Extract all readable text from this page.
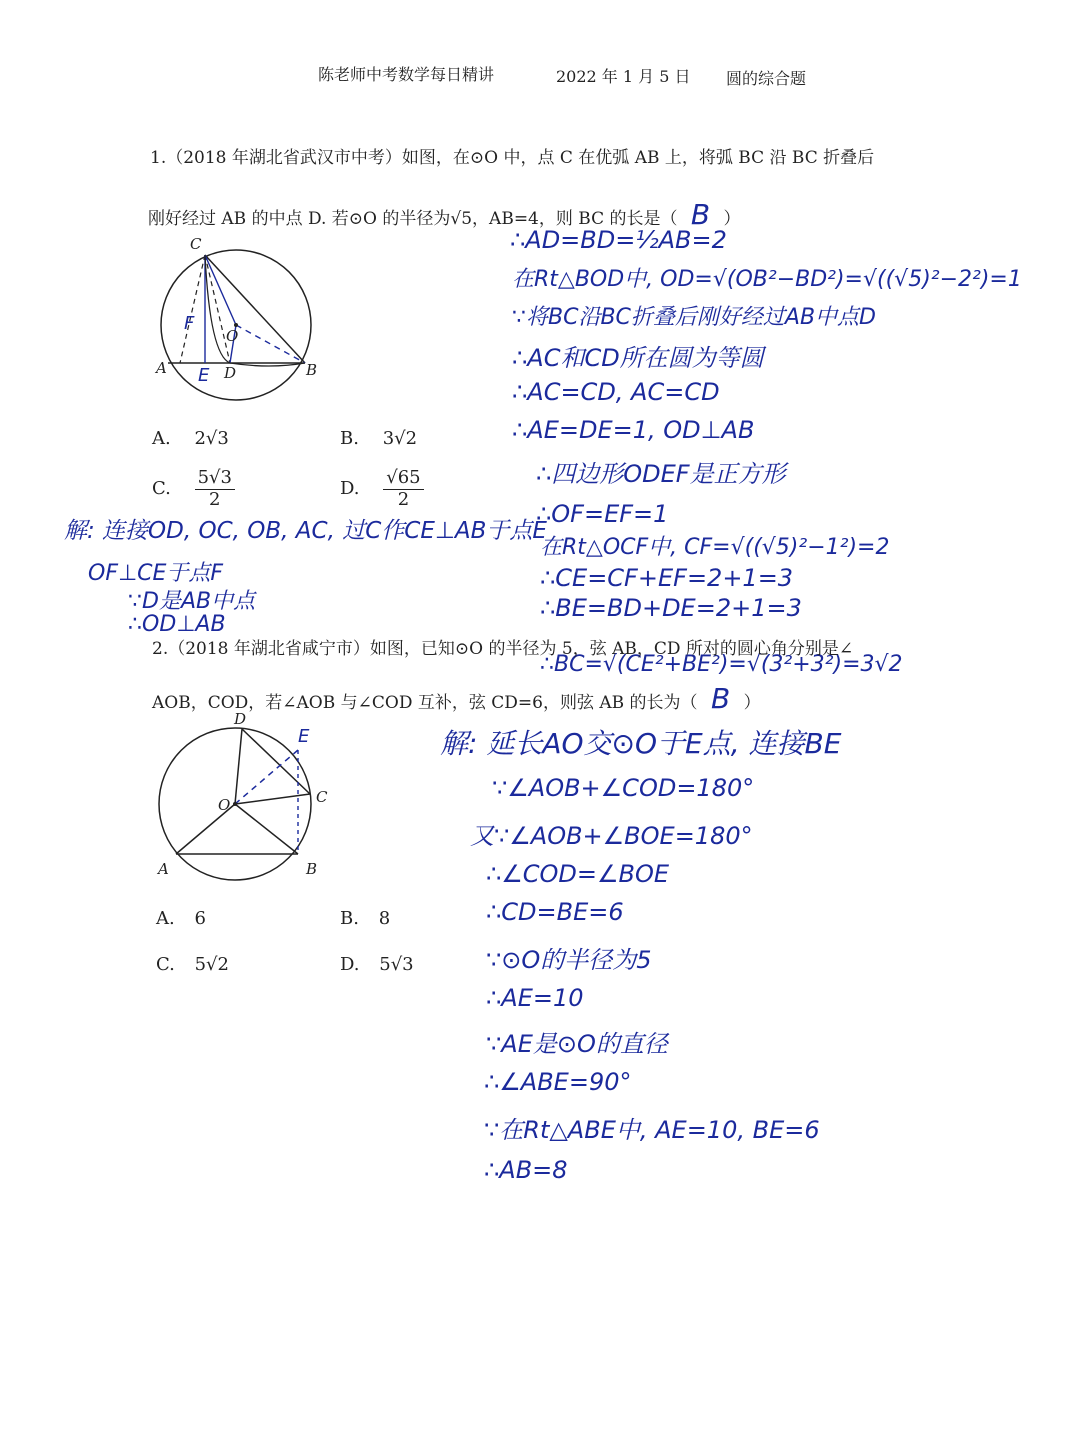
陈老师中考数学每日精讲	2022 年 1 月 5 日 圆的综合题
1.（2018 年湖北省武汉市中考）如图，在⊙O 中，点 C 在优弧 AB 上，将弧 BC 沿 BC 折叠后
刚好经过 AB 的中点 D. 若⊙O 的半径为√5，AB=4，则 BC 的长是（ B ）
C
O
A E D	B
F
A. 2√3	B. 3√2
C. $\frac{5√3}{2}$	D. $\frac{√65}{2}$
解: 连接OD, OC, OB, AC, 过C作CE⊥AB于点E
OF⊥CE于点F
∵D是AB中点
∴OD⊥AB
∴AD=BD=½AB=2
在Rt△BOD中, OD=√(OB²−BD²)=√((√5)²−2²)=1
∵将BC沿BC折叠后刚好经过AB中点D
∴AC和CD所在圆为等圆
∴AC=CD, AC=CD
∴AE=DE=1, OD⊥AB
∴四边形ODEF是正方形
∴OF=EF=1
在Rt△OCF中, CF=√((√5)²−1²)=2
∴CE=CF+EF=2+1=3
∴BE=BD+DE=2+1=3
∴BC=√(CE²+BE²)=√(3²+3²)=3√2
2.（2018 年湖北省咸宁市）如图，已知⊙O 的半径为 5，弦 AB，CD 所对的圆心角分别是∠
AOB，COD，若∠AOB 与∠COD 互补，弦 CD=6，则弦 AB 的长为（ B ）
D
E
O	C
A	B
A. 6	B. 8
C. 5√2	D. 5√3
解: 延长AO交⊙O于E点, 连接BE
∵∠AOB+∠COD=180°
又∵∠AOB+∠BOE=180°
∴∠COD=∠BOE
∴CD=BE=6
∵⊙O的半径为5
∴AE=10
∵AE是⊙O的直径
∴∠ABE=90°
∵在Rt△ABE中, AE=10, BE=6
∴AB=8
